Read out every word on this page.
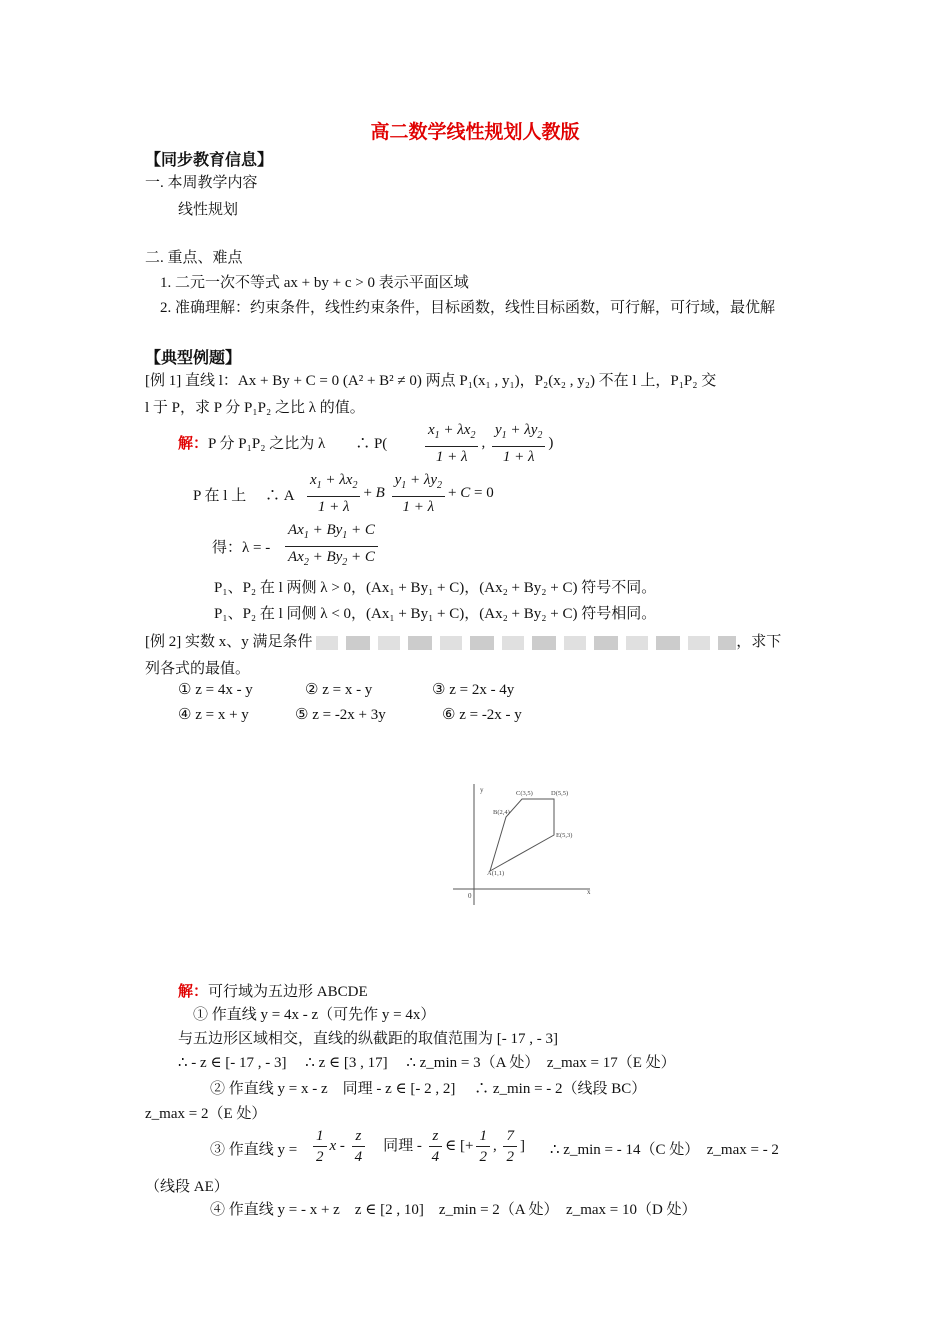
高二数学线性规划人教版
【同步教育信息】
一. 本周教学内容
线性规划
二. 重点、难点
1. 二元一次不等式 ax + by + c > 0 表示平面区域
2. 准确理解：约束条件，线性约束条件，目标函数，线性目标函数，可行解，可行域，最优解
【典型例题】
[例 1] 直线 l：Ax + By + C = 0 (A² + B² ≠ 0) 两点 P₁(x₁ , y₁)，P₂(x₂ , y₂) 不在 l 上，P₁P₂ 交
l 于 P，求 P 分 P₁P₂ 之比 λ 的值。
解：P 分 P₁P₂ 之比为 λ　　∴ P(	$\frac{x_1 + \lambda x_2}{1 + \lambda}$ , $\frac{y_1 + \lambda y_2}{1 + \lambda}$ )
P 在 l 上　 ∴ A $\frac{x_1 + \lambda x_2}{1 + \lambda} + B \frac{y_1 + \lambda y_2}{1 + \lambda} + C = 0$
得：λ = - $\frac{Ax_1 + By_1 + C}{Ax_2 + By_2 + C}$
P₁、P₂ 在 l 两侧 λ > 0，(Ax₁ + By₁ + C)，(Ax₂ + By₂ + C) 符号不同。
P₁、P₂ 在 l 同侧 λ < 0，(Ax₁ + By₁ + C)，(Ax₂ + By₂ + C) 符号相同。
[例 2] 实数 x、y 满足条件	，求下
列各式的最值。
① z = 4x - y	② z = x - y	③ z = 2x - 4y
④ z = x + y	⑤ z = -2x + 3y	⑥ z = -2x - y
x
y
0
A(1,1)
B(2,4)
C(3,5)	D(5,5)
E(5,3)
解：可行域为五边形 ABCDE
① 作直线 y = 4x - z（可先作 y = 4x）
与五边形区域相交，直线的纵截距的取值范围为 [- 17 , - 3]
∴ - z ∈ [- 17 , - 3]　 ∴ z ∈ [3 , 17]　 ∴ z_min = 3（A 处）　z_max = 17（E 处）
② 作直线 y = x - z　同理 - z ∈ [- 2 , 2]　 ∴ z_min = - 2（线段 BC）
z_max = 2（E 处）
③ 作直线 $y = \frac{1}{2}$ x - $\frac{z}{4}$ 　同理 - $\frac{z}{4}$ ∈ [+ $\frac{1}{2}$ , $\frac{7}{2}$ ] ∴ z_min = - 14（C 处）　z_max = - 2
（线段 AE）
④ 作直线 y = - x + z　z ∈ [2 , 10]　z_min = 2（A 处）　z_max = 10（D 处）
